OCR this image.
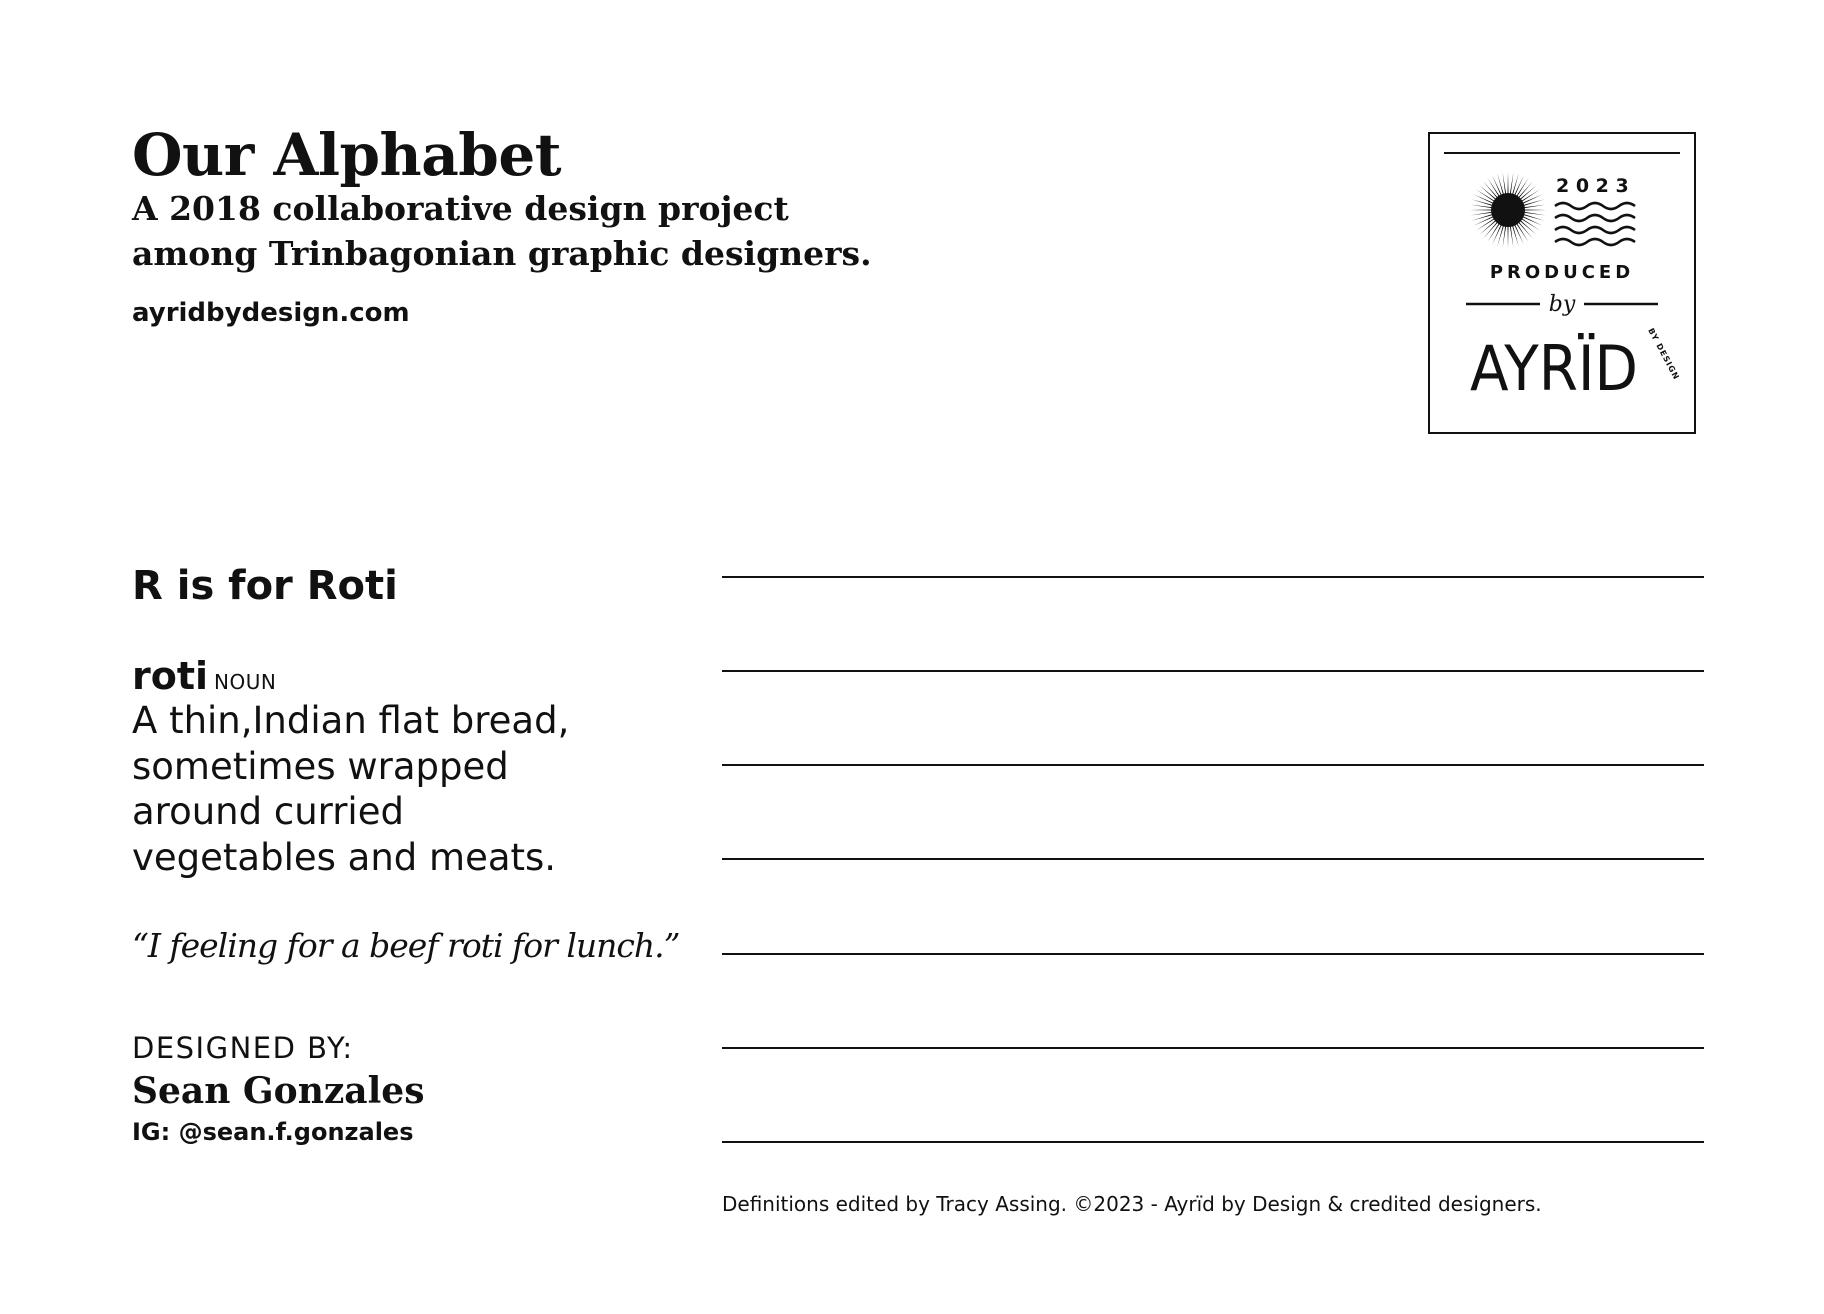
Our Alphabet

A 2018 collaborative design project
among Trinbagonian graphic designers.

ayridbydesign.com
2 0 2 3
PRODUCED
by
AYRÏD BY DESIGN
R is for Roti
roti NOUN

A thin,Indian flat bread,
sometimes wrapped
around curried
vegetables and meats.

“I feeling for a beef roti for lunch.”

DESIGNED BY:
Sean Gonzales
IG: @sean.f.gonzales
Definitions edited by Tracy Assing. ©2023 - Ayrïd by Design & credited designers.
